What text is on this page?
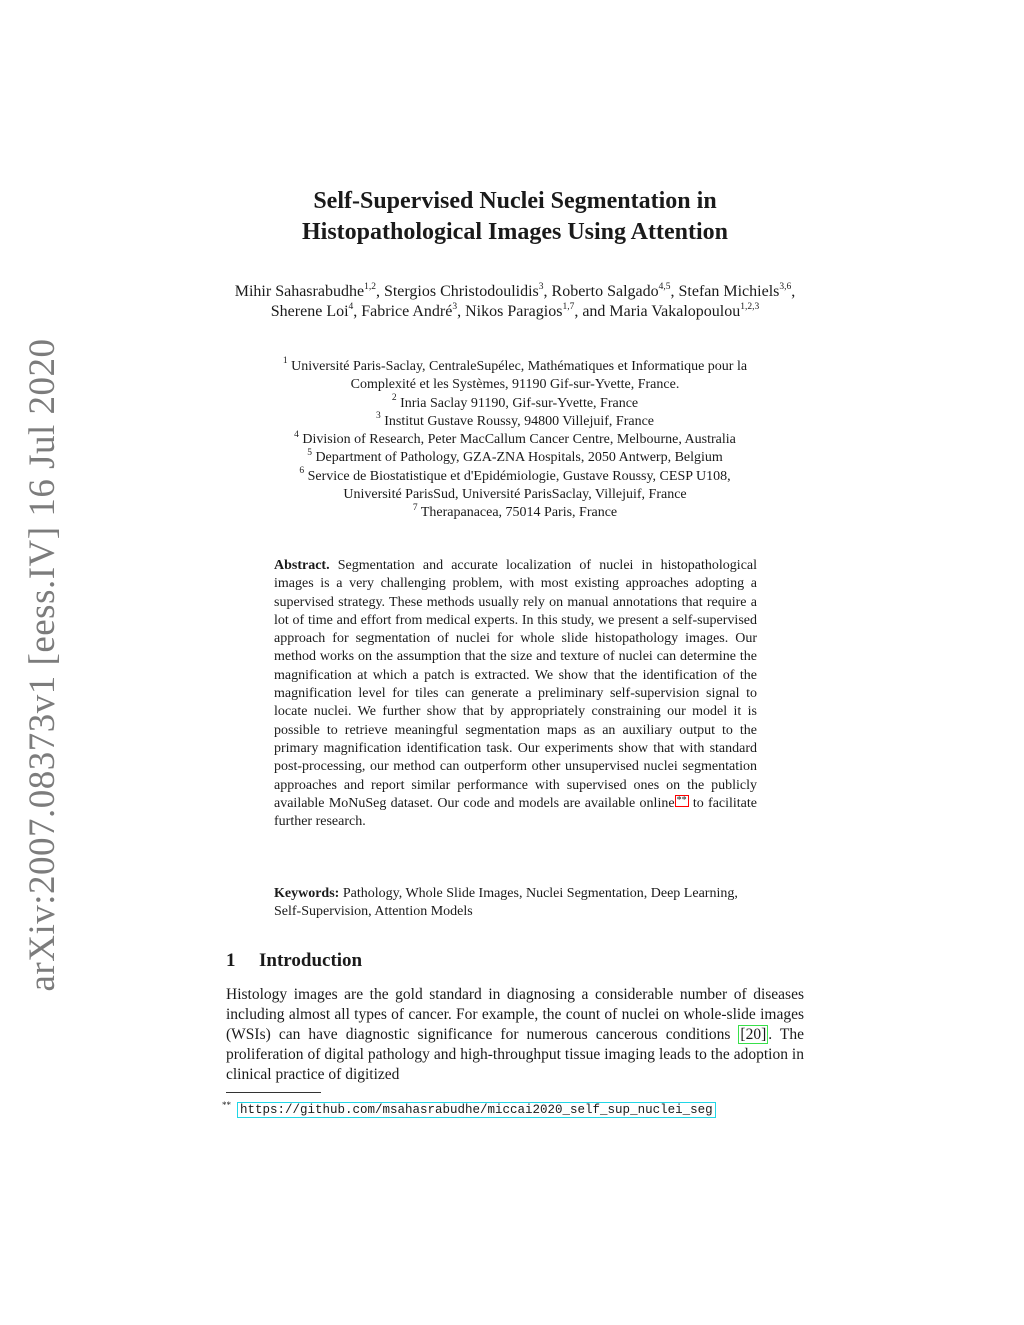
arXiv:2007.08373v1 [eess.IV] 16 Jul 2020
Self-Supervised Nuclei Segmentation in
Histopathological Images Using Attention
Mihir Sahasrabudhe$^{1,2}$, Stergios Christodoulidis$^3$, Roberto Salgado$^{4,5}$, Stefan Michiels$^{3,6}$, Sherene Loi$^4$, Fabrice André$^3$, Nikos Paragios$^{1,7}$, and Maria Vakalopoulou$^{1,2,3}$
$^1$ Université Paris-Saclay, CentraleSupélec, Mathématiques et Informatique pour la
Complexité et les Systèmes, 91190 Gif-sur-Yvette, France.
$^2$ Inria Saclay 91190, Gif-sur-Yvette, France
$^3$ Institut Gustave Roussy, 94800 Villejuif, France
$^4$ Division of Research, Peter MacCallum Cancer Centre, Melbourne, Australia
$^5$ Department of Pathology, GZA-ZNA Hospitals, 2050 Antwerp, Belgium
$^6$ Service de Biostatistique et d'Epidémiologie, Gustave Roussy, CESP U108,
Université ParisSud, Université ParisSaclay, Villejuif, France
$^7$ Therapanacea, 75014 Paris, France
Abstract. Segmentation and accurate localization of nuclei in histopathological images is a very challenging problem, with most existing approaches adopting a supervised strategy. These methods usually rely on manual annotations that require a lot of time and effort from medical experts. In this study, we present a self-supervised approach for segmentation of nuclei for whole slide histopathology images. Our method works on the assumption that the size and texture of nuclei can determine the magnification at which a patch is extracted. We show that the identification of the magnification level for tiles can generate a preliminary self-supervision signal to locate nuclei. We further show that by appropriately constraining our model it is possible to retrieve meaningful segmentation maps as an auxiliary output to the primary magnification identification task. Our experiments show that with standard post-processing, our method can outperform other unsupervised nuclei segmentation approaches and report similar performance with supervised ones on the publicly available MoNuSeg dataset. Our code and models are available online ** to facilitate further research.
Keywords: Pathology, Whole Slide Images, Nuclei Segmentation, Deep Learning, Self-Supervision, Attention Models
1 Introduction
Histology images are the gold standard in diagnosing a considerable number of diseases including almost all types of cancer. For example, the count of nuclei on whole-slide images (WSIs) can have diagnostic significance for numerous cancerous conditions [20] . The proliferation of digital pathology and high-throughput tissue imaging leads to the adoption in clinical practice of digitized
** https://github.com/msahasrabudhe/miccai2020_self_sup_nuclei_seg
